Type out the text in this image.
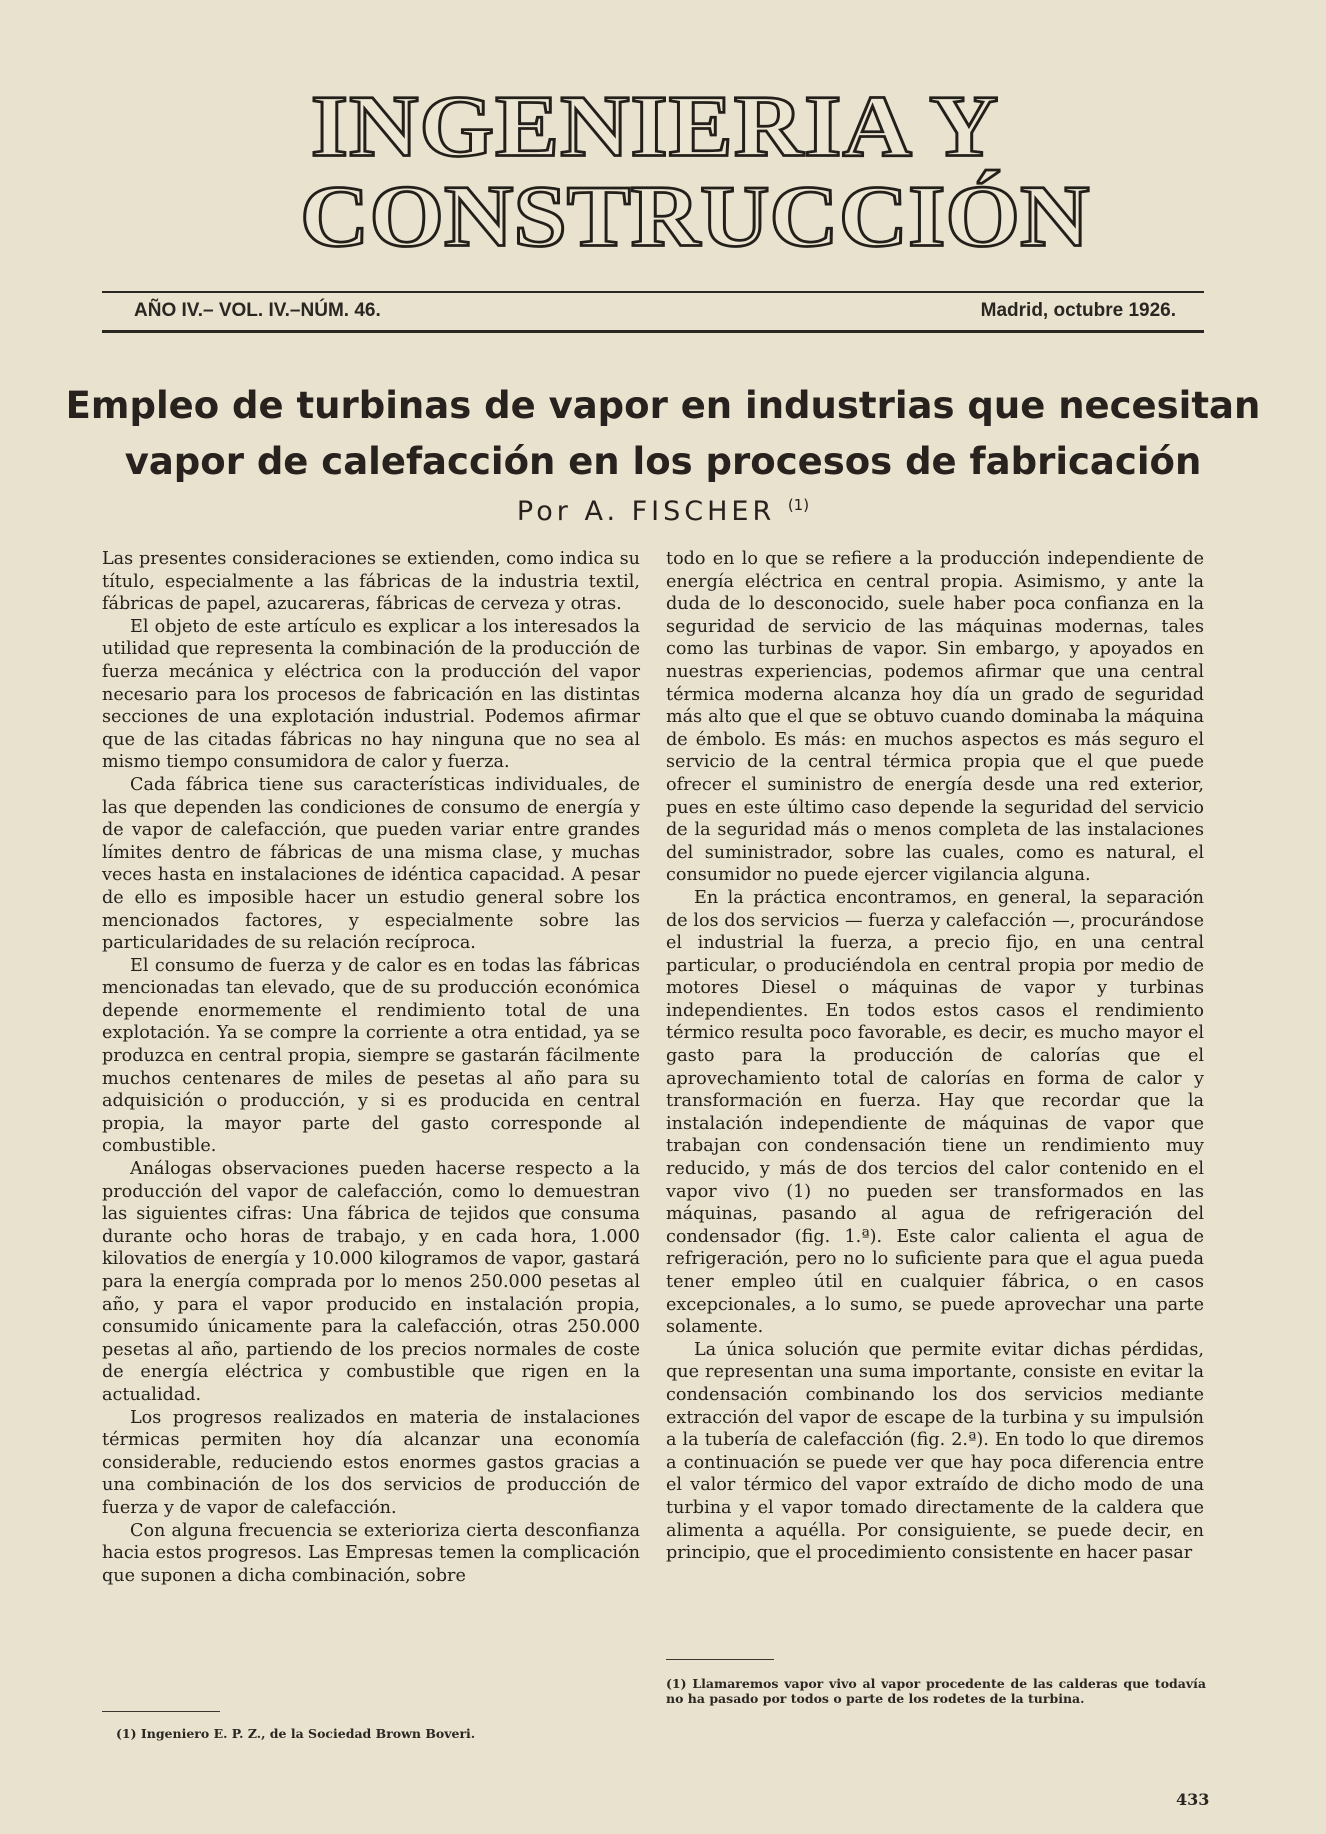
INGENIERIA Y
CONSTRUCCIÓN
AÑO IV.– VOL. IV.–NÚM. 46.	Madrid, octubre 1926.
Empleo de turbinas de vapor en industrias que necesitan vapor de calefacción en los procesos de fabricación
Por A. FISCHER $^{(1)}$

Las presentes consideraciones se extienden, como indica su título, especialmente a las fábricas de la industria textil, fábricas de papel, azucareras, fábricas de cerveza y otras.

El objeto de este artículo es explicar a los interesados la utilidad que representa la combinación de la producción de fuerza mecánica y eléctrica con la producción del vapor necesario para los procesos de fabricación en las distintas secciones de una explotación industrial. Podemos afirmar que de las citadas fábricas no hay ninguna que no sea al mismo tiempo consumidora de calor y fuerza.

Cada fábrica tiene sus características individuales, de las que dependen las condiciones de consumo de energía y de vapor de calefacción, que pueden variar entre grandes límites dentro de fábricas de una misma clase, y muchas veces hasta en instalaciones de idéntica capacidad. A pesar de ello es imposible hacer un estudio general sobre los mencionados factores, y especialmente sobre las particularidades de su relación recíproca.

El consumo de fuerza y de calor es en todas las fábricas mencionadas tan elevado, que de su producción económica depende enormemente el rendimiento total de una explotación. Ya se compre la corriente a otra entidad, ya se produzca en central propia, siempre se gastarán fácilmente muchos centenares de miles de pesetas al año para su adquisición o producción, y si es producida en central propia, la mayor parte del gasto corresponde al combustible.

Análogas observaciones pueden hacerse respecto a la producción del vapor de calefacción, como lo demuestran las siguientes cifras: Una fábrica de tejidos que consuma durante ocho horas de trabajo, y en cada hora, 1.000 kilovatios de energía y 10.000 kilogramos de vapor, gastará para la energía comprada por lo menos 250.000 pesetas al año, y para el vapor producido en instalación propia, consumido únicamente para la calefacción, otras 250.000 pesetas al año, partiendo de los precios normales de coste de energía eléctrica y combustible que rigen en la actualidad.

Los progresos realizados en materia de instalaciones térmicas permiten hoy día alcanzar una economía considerable, reduciendo estos enormes gastos gracias a una combinación de los dos servicios de producción de fuerza y de vapor de calefacción.

Con alguna frecuencia se exterioriza cierta desconfianza hacia estos progresos. Las Empresas temen la complicación que suponen a dicha combinación, sobre

todo en lo que se refiere a la producción independiente de energía eléctrica en central propia. Asimismo, y ante la duda de lo desconocido, suele haber poca confianza en la seguridad de servicio de las máquinas modernas, tales como las turbinas de vapor. Sin embargo, y apoyados en nuestras experiencias, podemos afirmar que una central térmica moderna alcanza hoy día un grado de seguridad más alto que el que se obtuvo cuando dominaba la máquina de émbolo. Es más: en muchos aspectos es más seguro el servicio de la central térmica propia que el que puede ofrecer el suministro de energía desde una red exterior, pues en este último caso depende la seguridad del servicio de la seguridad más o menos completa de las instalaciones del suministrador, sobre las cuales, como es natural, el consumidor no puede ejercer vigilancia alguna.

En la práctica encontramos, en general, la separación de los dos servicios — fuerza y calefacción —, procurándose el industrial la fuerza, a precio fijo, en una central particular, o produciéndola en central propia por medio de motores Diesel o máquinas de vapor y turbinas independientes. En todos estos casos el rendimiento térmico resulta poco favorable, es decir, es mucho mayor el gasto para la producción de calorías que el aprovechamiento total de calorías en forma de calor y transformación en fuerza. Hay que recordar que la instalación independiente de máquinas de vapor que trabajan con condensación tiene un rendimiento muy reducido, y más de dos tercios del calor contenido en el vapor vivo (1) no pueden ser transformados en las máquinas, pasando al agua de refrigeración del condensador (fig. 1.ª). Este calor calienta el agua de refrigeración, pero no lo suficiente para que el agua pueda tener empleo útil en cualquier fábrica, o en casos excepcionales, a lo sumo, se puede aprovechar una parte solamente.

La única solución que permite evitar dichas pérdidas, que representan una suma importante, consiste en evitar la condensación combinando los dos servicios mediante extracción del vapor de escape de la turbina y su impulsión a la tubería de calefacción (fig. 2.ª). En todo lo que diremos a continuación se puede ver que hay poca diferencia entre el valor térmico del vapor extraído de dicho modo de una turbina y el vapor tomado directamente de la caldera que alimenta a aquélla. Por consiguiente, se puede decir, en principio, que el procedimiento consistente en hacer pasar

(1) Ingeniero E. P. Z., de la Sociedad Brown Boveri.
(1) Llamaremos vapor vivo al vapor procedente de las calderas que todavía no ha pasado por todos o parte de los rodetes de la turbina.
433
